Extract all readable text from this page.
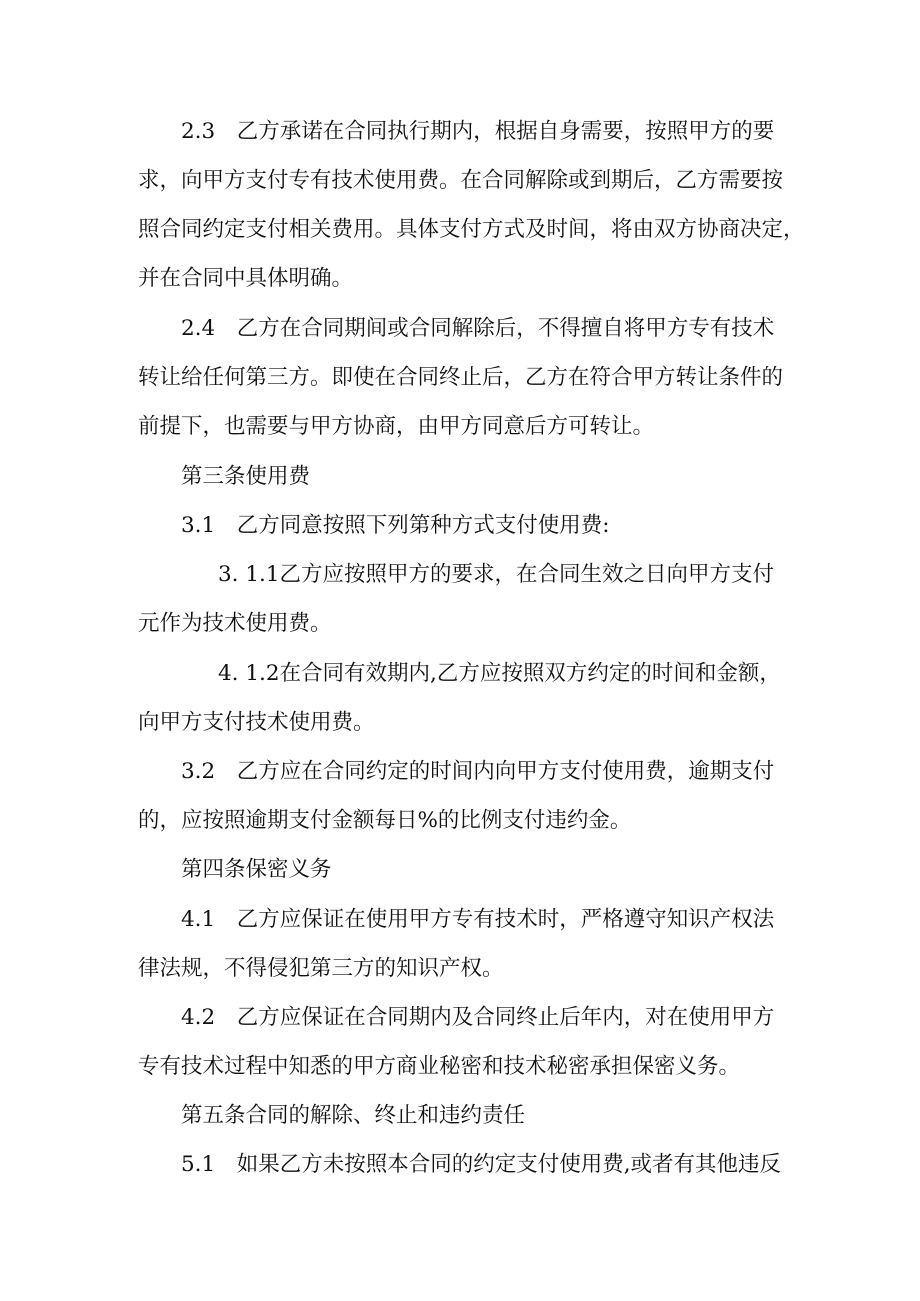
2.3　乙方承诺在合同执行期内，根据自身需要，按照甲方的要
求，向甲方支付专有技术使用费。在合同解除或到期后，乙方需要按
照合同约定支付相关费用。具体支付方式及时间，将由双方协商决定，
并在合同中具体明确。
2.4　乙方在合同期间或合同解除后，不得擅自将甲方专有技术
转让给任何第三方。即使在合同终止后，乙方在符合甲方转让条件的
前提下，也需要与甲方协商，由甲方同意后方可转让。
第三条使用费
3.1　乙方同意按照下列第种方式支付使用费:
3. 1.1乙方应按照甲方的要求，在合同生效之日向甲方支付
元作为技术使用费。
4. 1.2在合同有效期内,乙方应按照双方约定的时间和金额，
向甲方支付技术使用费。
3.2　乙方应在合同约定的时间内向甲方支付使用费，逾期支付
的，应按照逾期支付金额每日%的比例支付违约金。
第四条保密义务
4.1　乙方应保证在使用甲方专有技术时，严格遵守知识产权法
律法规，不得侵犯第三方的知识产权。
4.2　乙方应保证在合同期内及合同终止后年内，对在使用甲方
专有技术过程中知悉的甲方商业秘密和技术秘密承担保密义务。
第五条合同的解除、终止和违约责任
5.1　如果乙方未按照本合同的约定支付使用费,或者有其他违反
